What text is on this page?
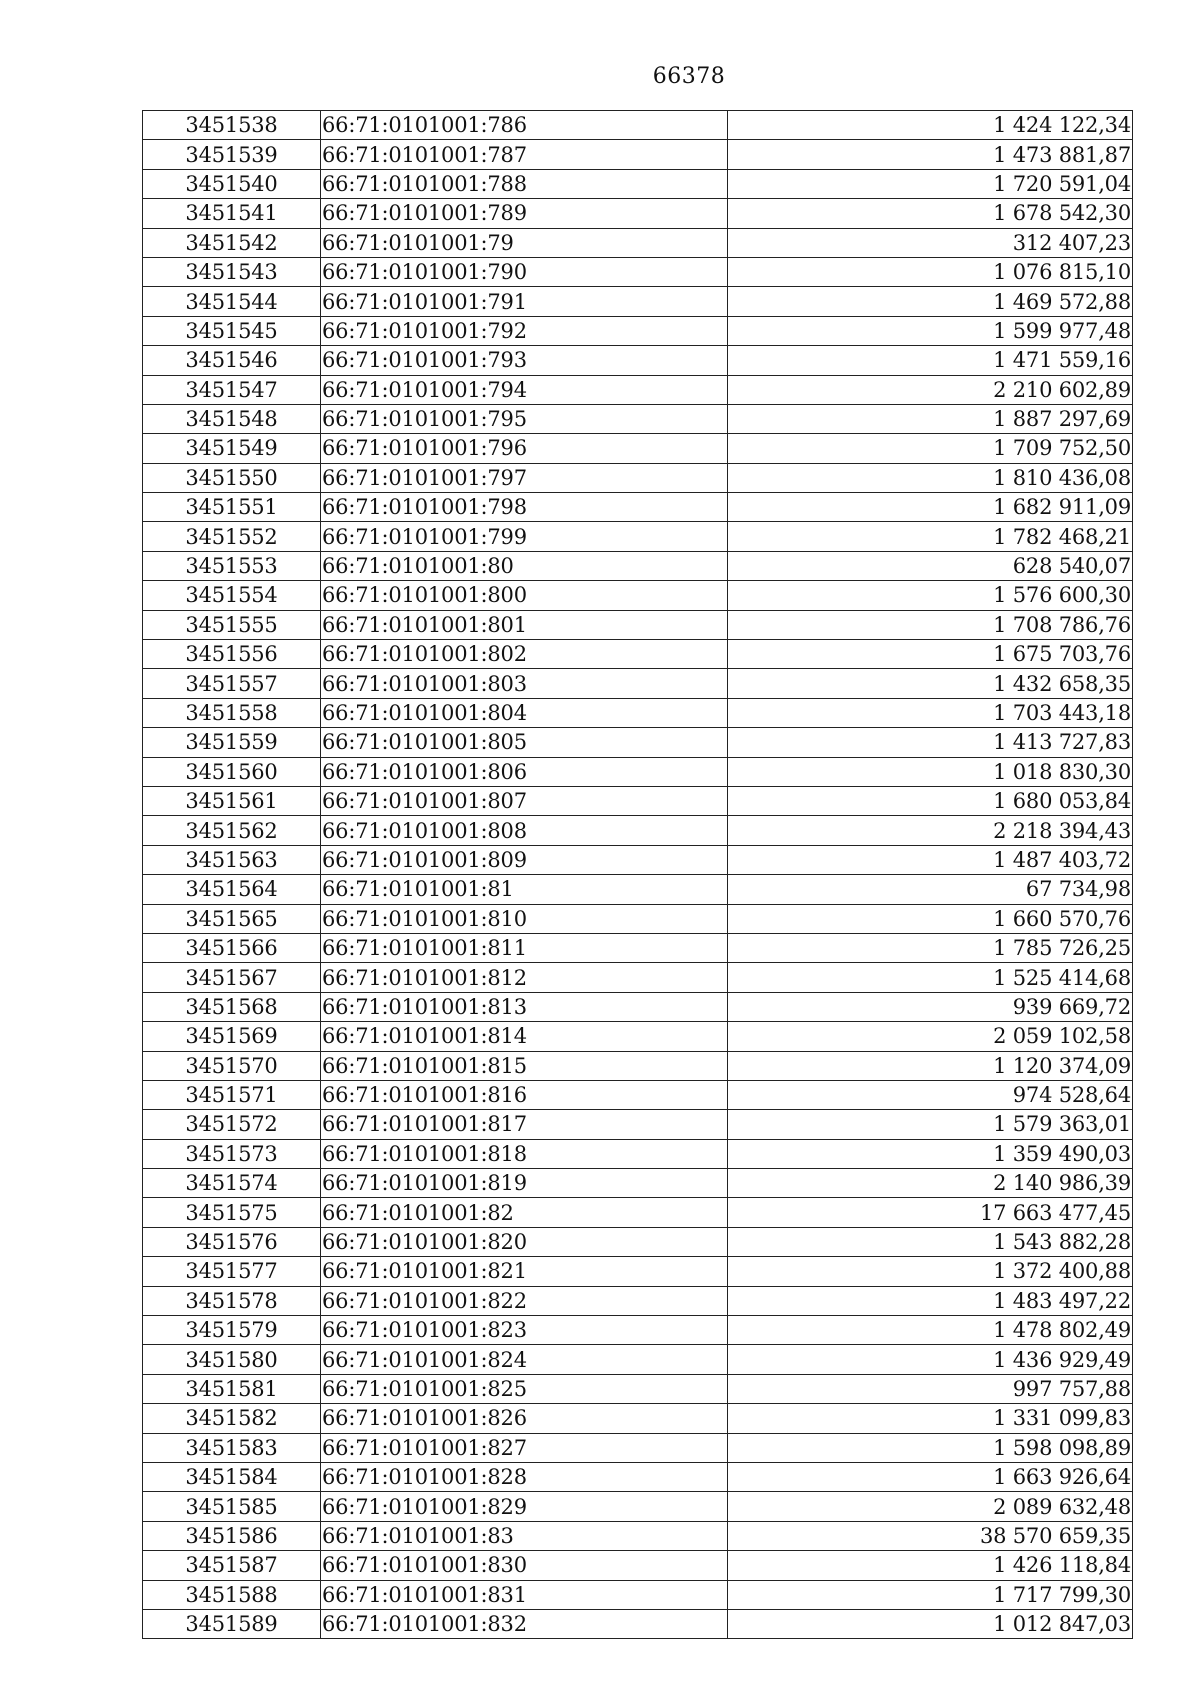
66378
3451538	66:71:0101001:786	1 424 122,34
3451539	66:71:0101001:787	1 473 881,87
3451540	66:71:0101001:788	1 720 591,04
3451541	66:71:0101001:789	1 678 542,30
3451542	66:71:0101001:79	312 407,23
3451543	66:71:0101001:790	1 076 815,10
3451544	66:71:0101001:791	1 469 572,88
3451545	66:71:0101001:792	1 599 977,48
3451546	66:71:0101001:793	1 471 559,16
3451547	66:71:0101001:794	2 210 602,89
3451548	66:71:0101001:795	1 887 297,69
3451549	66:71:0101001:796	1 709 752,50
3451550	66:71:0101001:797	1 810 436,08
3451551	66:71:0101001:798	1 682 911,09
3451552	66:71:0101001:799	1 782 468,21
3451553	66:71:0101001:80	628 540,07
3451554	66:71:0101001:800	1 576 600,30
3451555	66:71:0101001:801	1 708 786,76
3451556	66:71:0101001:802	1 675 703,76
3451557	66:71:0101001:803	1 432 658,35
3451558	66:71:0101001:804	1 703 443,18
3451559	66:71:0101001:805	1 413 727,83
3451560	66:71:0101001:806	1 018 830,30
3451561	66:71:0101001:807	1 680 053,84
3451562	66:71:0101001:808	2 218 394,43
3451563	66:71:0101001:809	1 487 403,72
3451564	66:71:0101001:81	67 734,98
3451565	66:71:0101001:810	1 660 570,76
3451566	66:71:0101001:811	1 785 726,25
3451567	66:71:0101001:812	1 525 414,68
3451568	66:71:0101001:813	939 669,72
3451569	66:71:0101001:814	2 059 102,58
3451570	66:71:0101001:815	1 120 374,09
3451571	66:71:0101001:816	974 528,64
3451572	66:71:0101001:817	1 579 363,01
3451573	66:71:0101001:818	1 359 490,03
3451574	66:71:0101001:819	2 140 986,39
3451575	66:71:0101001:82	17 663 477,45
3451576	66:71:0101001:820	1 543 882,28
3451577	66:71:0101001:821	1 372 400,88
3451578	66:71:0101001:822	1 483 497,22
3451579	66:71:0101001:823	1 478 802,49
3451580	66:71:0101001:824	1 436 929,49
3451581	66:71:0101001:825	997 757,88
3451582	66:71:0101001:826	1 331 099,83
3451583	66:71:0101001:827	1 598 098,89
3451584	66:71:0101001:828	1 663 926,64
3451585	66:71:0101001:829	2 089 632,48
3451586	66:71:0101001:83	38 570 659,35
3451587	66:71:0101001:830	1 426 118,84
3451588	66:71:0101001:831	1 717 799,30
3451589	66:71:0101001:832	1 012 847,03
